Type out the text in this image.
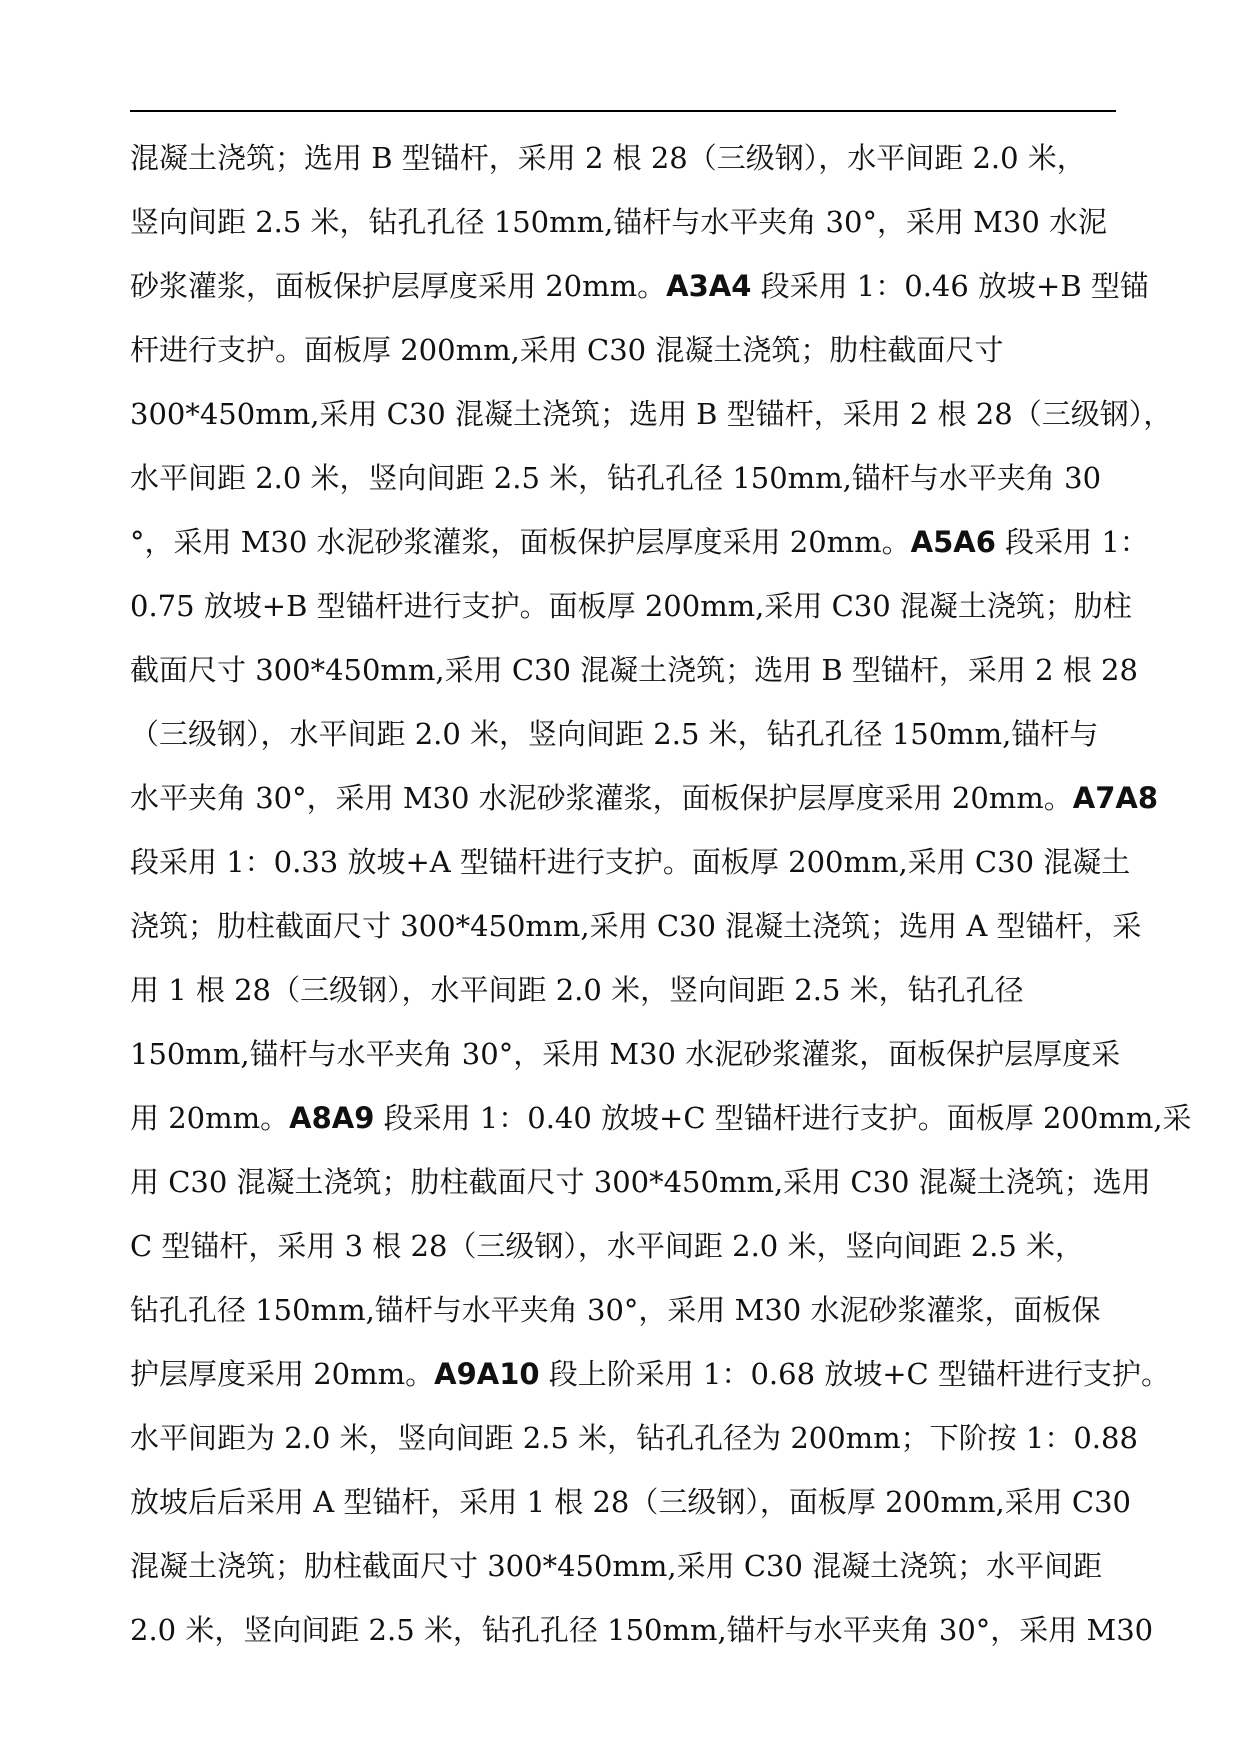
混凝土浇筑；选用 B 型锚杆，采用 2 根 28（三级钢），水平间距 2.0 米，
竖向间距 2.5 米，钻孔孔径 150mm,锚杆与水平夹角 30°，采用 M30 水泥
砂浆灌浆，面板保护层厚度采用 20mm。A3A4 段采用 1：0.46 放坡+B 型锚
杆进行支护。面板厚 200mm,采用 C30 混凝土浇筑；肋柱截面尺寸
300*450mm,采用 C30 混凝土浇筑；选用 B 型锚杆，采用 2 根 28（三级钢），
水平间距 2.0 米，竖向间距 2.5 米，钻孔孔径 150mm,锚杆与水平夹角 30
°，采用 M30 水泥砂浆灌浆，面板保护层厚度采用 20mm。A5A6 段采用 1：
0.75 放坡+B 型锚杆进行支护。面板厚 200mm,采用 C30 混凝土浇筑；肋柱
截面尺寸 300*450mm,采用 C30 混凝土浇筑；选用 B 型锚杆，采用 2 根 28
（三级钢），水平间距 2.0 米，竖向间距 2.5 米，钻孔孔径 150mm,锚杆与
水平夹角 30°，采用 M30 水泥砂浆灌浆，面板保护层厚度采用 20mm。A7A8
段采用 1：0.33 放坡+A 型锚杆进行支护。面板厚 200mm,采用 C30 混凝土
浇筑；肋柱截面尺寸 300*450mm,采用 C30 混凝土浇筑；选用 A 型锚杆，采
用 1 根 28（三级钢），水平间距 2.0 米，竖向间距 2.5 米，钻孔孔径
150mm,锚杆与水平夹角 30°，采用 M30 水泥砂浆灌浆，面板保护层厚度采
用 20mm。A8A9 段采用 1：0.40 放坡+C 型锚杆进行支护。面板厚 200mm,采
用 C30 混凝土浇筑；肋柱截面尺寸 300*450mm,采用 C30 混凝土浇筑；选用
C 型锚杆，采用 3 根 28（三级钢），水平间距 2.0 米，竖向间距 2.5 米，
钻孔孔径 150mm,锚杆与水平夹角 30°，采用 M30 水泥砂浆灌浆，面板保
护层厚度采用 20mm。A9A10 段上阶采用 1：0.68 放坡+C 型锚杆进行支护。
水平间距为 2.0 米，竖向间距 2.5 米，钻孔孔径为 200mm；下阶按 1：0.88
放坡后后采用 A 型锚杆，采用 1 根 28（三级钢），面板厚 200mm,采用 C30
混凝土浇筑；肋柱截面尺寸 300*450mm,采用 C30 混凝土浇筑；水平间距
2.0 米，竖向间距 2.5 米，钻孔孔径 150mm,锚杆与水平夹角 30°，采用 M30
